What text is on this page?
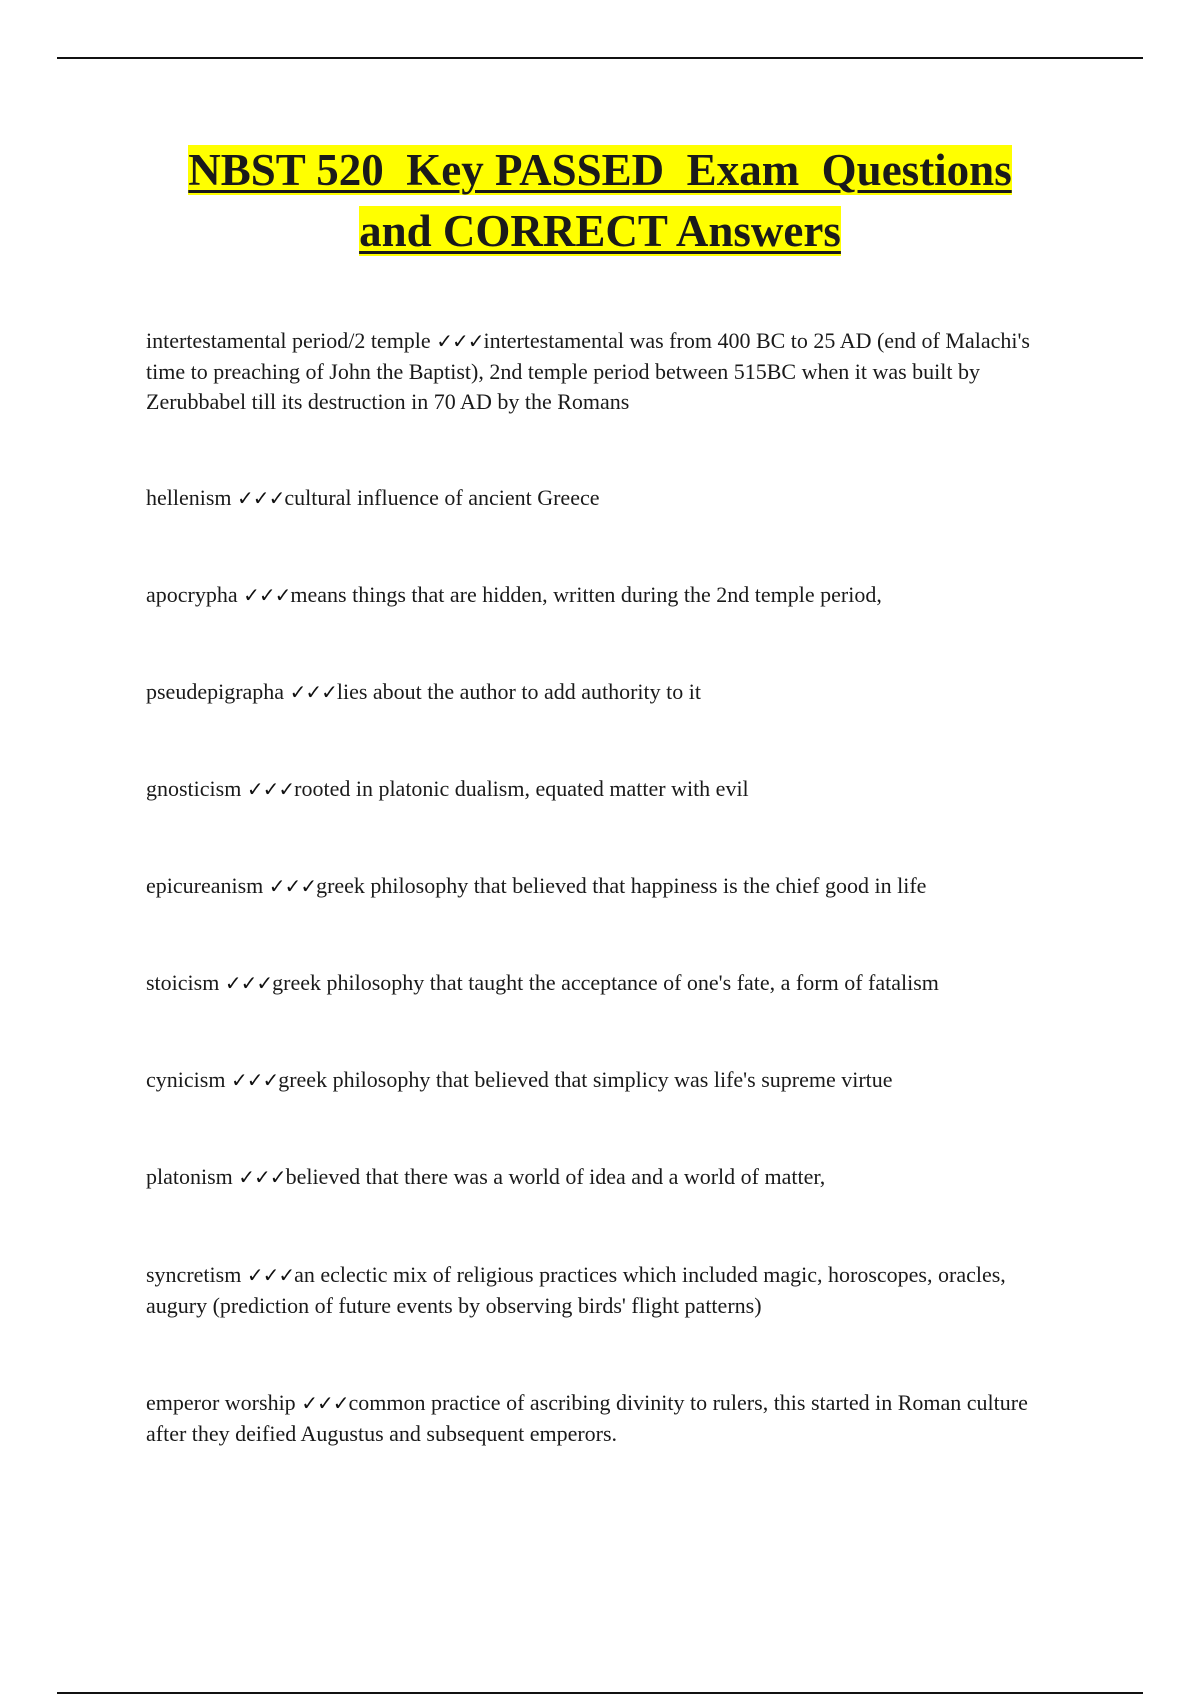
NBST 520  Key PASSED  Exam  Questions
and CORRECT Answers
intertestamental period/2 temple ✓✓✓intertestamental was from 400 BC to 25 AD (end of Malachi's time to preaching of John the Baptist), 2nd temple period between 515BC when it was built by Zerubbabel till its destruction in 70 AD by the Romans
hellenism ✓✓✓cultural influence of ancient Greece
apocrypha ✓✓✓means things that are hidden, written during the 2nd temple period,
pseudepigrapha ✓✓✓lies about the author to add authority to it
gnosticism ✓✓✓rooted in platonic dualism, equated matter with evil
epicureanism ✓✓✓greek philosophy that believed that happiness is the chief good in life
stoicism ✓✓✓greek philosophy that taught the acceptance of one's fate, a form of fatalism
cynicism ✓✓✓greek philosophy that believed that simplicy was life's supreme virtue
platonism ✓✓✓believed that there was a world of idea and a world of matter,
syncretism ✓✓✓an eclectic mix of religious practices which included magic, horoscopes, oracles, augury (prediction of future events by observing birds' flight patterns)
emperor worship ✓✓✓common practice of ascribing divinity to rulers, this started in Roman culture after they deified Augustus and subsequent emperors.
